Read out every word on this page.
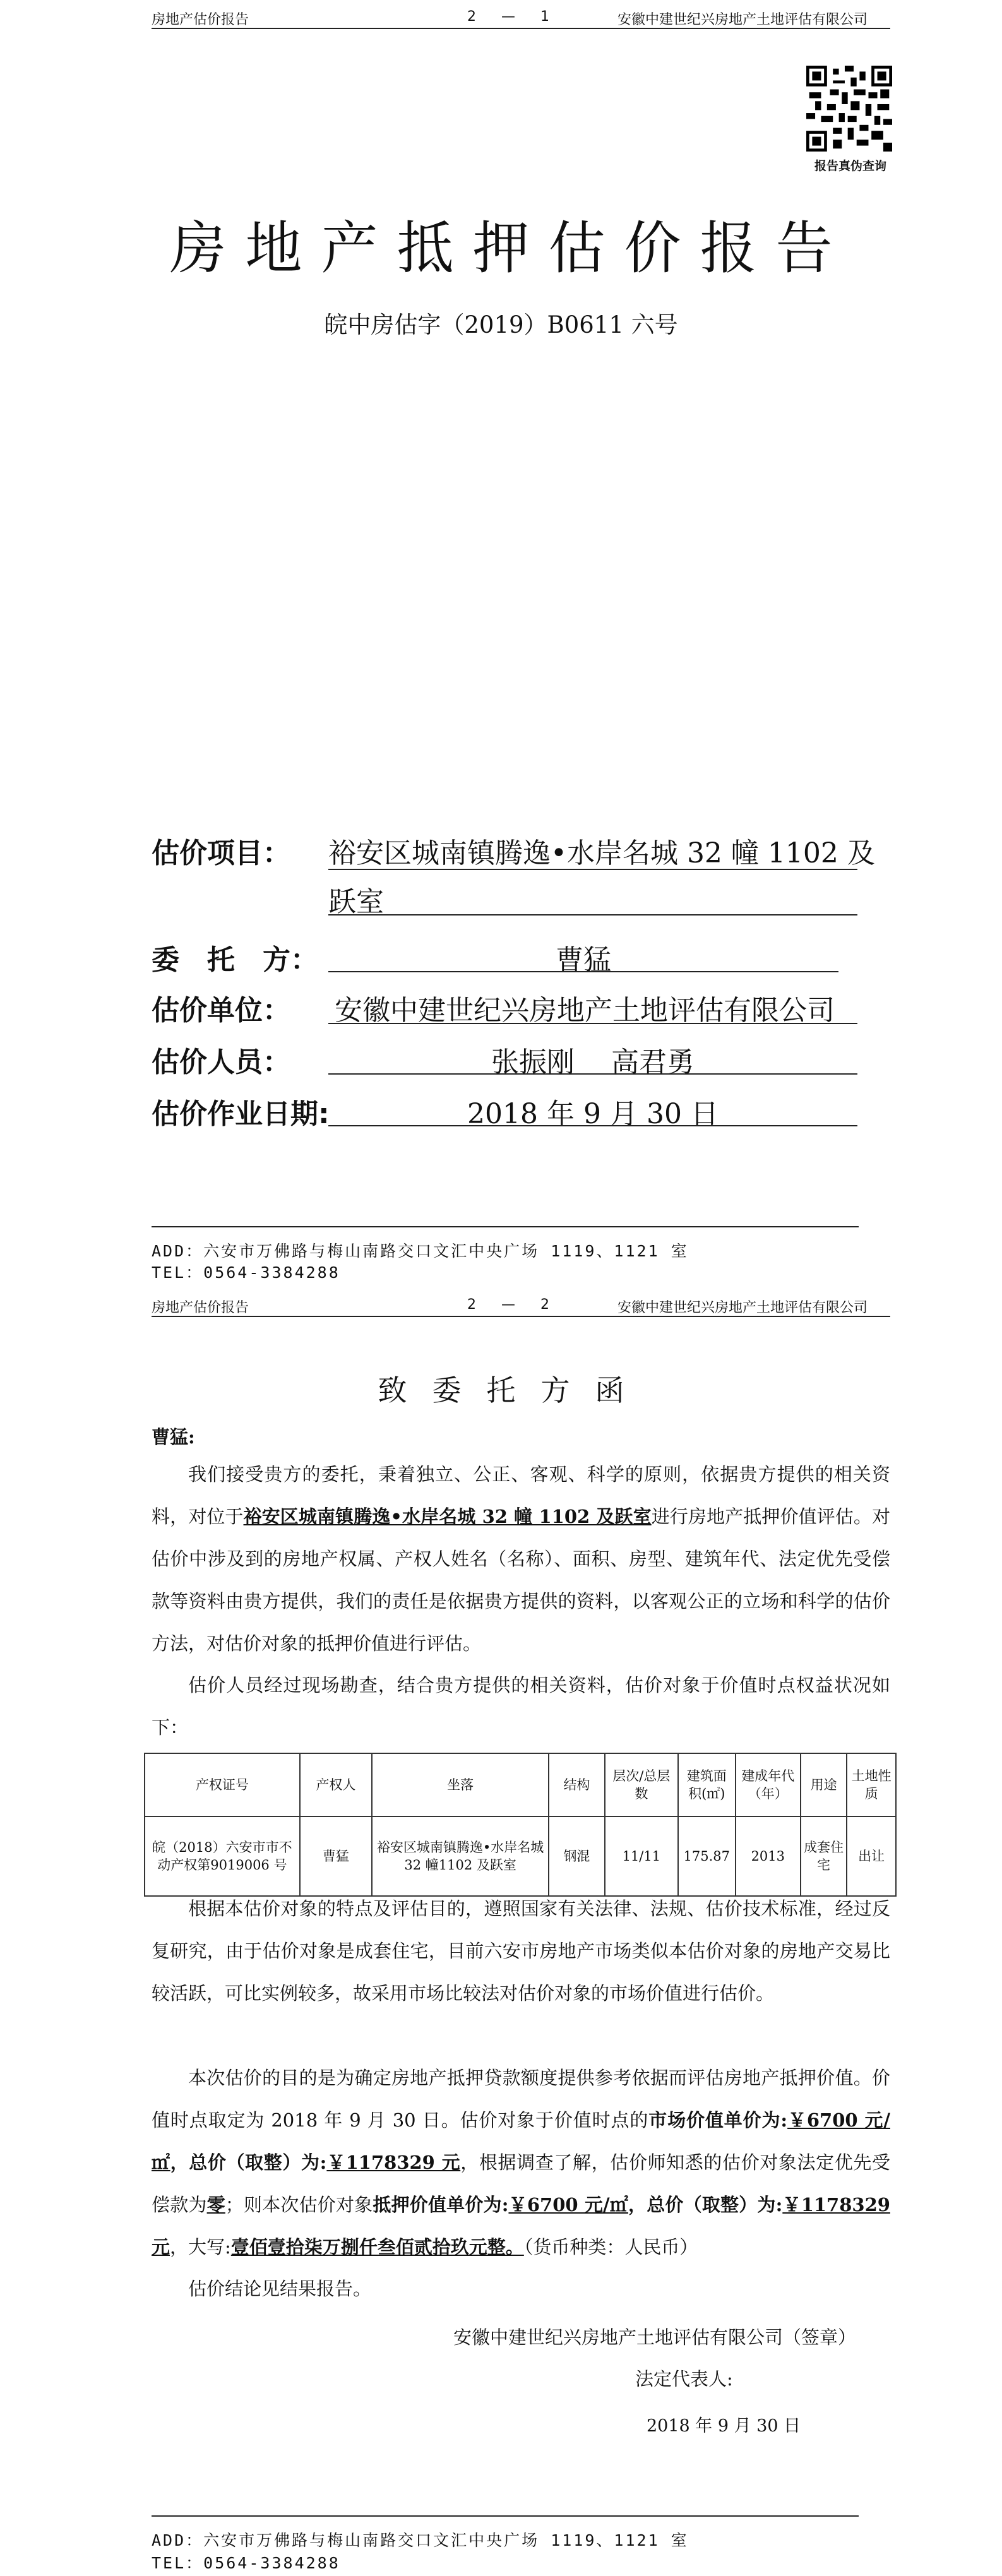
房地产估价报告	2—1	安徽中建世纪兴房地产土地评估有限公司
报告真伪查询
房地产抵押估价报告
皖中房估字（2019）B0611 六号
估价项目： 裕安区城南镇腾逸•水岸名城 32 幢 1102 及
跃室
委　托　方：	曹猛
估价单位： 安徽中建世纪兴房地产土地评估有限公司
估价人员：	张振刚　 高君勇
估价作业日期:	2018 年 9 月 30 日
ADD：六安市万佛路与梅山南路交口文汇中央广场 1119、1121 室
TEL：0564-3384288
房地产估价报告	2—2	安徽中建世纪兴房地产土地评估有限公司
致委托方函
曹猛:
我们接受贵方的委托，秉着独立、公正、客观、科学的原则，依据贵方提供的相关资料，对位于裕安区城南镇腾逸•水岸名城 32 幢 1102 及跃室进行房地产抵押价值评估。对估价中涉及到的房地产权属、产权人姓名（名称）、面积、房型、建筑年代、法定优先受偿款等资料由贵方提供，我们的责任是依据贵方提供的资料，以客观公正的立场和科学的估价方法，对估价对象的抵押价值进行评估。
估价人员经过现场勘查，结合贵方提供的相关资料，估价对象于价值时点权益状况如下：
产权证号	产权人	坐落	结构	层次/总层数	建筑面积(㎡)	建成年代（年）	用途	土地性质
皖（2018）六安市市不动产权第9019006 号	曹猛	裕安区城南镇腾逸•水岸名城 32 幢1102 及跃室	钢混	11/11	175.87	2013	成套住宅	出让
根据本估价对象的特点及评估目的，遵照国家有关法律、法规、估价技术标准，经过反复研究，由于估价对象是成套住宅，目前六安市房地产市场类似本估价对象的房地产交易比较活跃，可比实例较多，故采用市场比较法对估价对象的市场价值进行估价。
本次估价的目的是为确定房地产抵押贷款额度提供参考依据而评估房地产抵押价值。价值时点取定为 2018 年 9 月 30 日。估价对象于价值时点的市场价值单价为:￥6700 元/㎡，总价（取整）为:￥1178329 元，根据调查了解，估价师知悉的估价对象法定优先受偿款为零；则本次估价对象抵押价值单价为:￥6700 元/㎡，总价（取整）为:￥1178329 元，大写:壹佰壹拾柒万捌仟叁佰贰拾玖元整。（货币种类：人民币）
估价结论见结果报告。
安徽中建世纪兴房地产土地评估有限公司（签章）
法定代表人:
2018 年 9 月 30 日
ADD：六安市万佛路与梅山南路交口文汇中央广场 1119、1121 室
TEL：0564-3384288
